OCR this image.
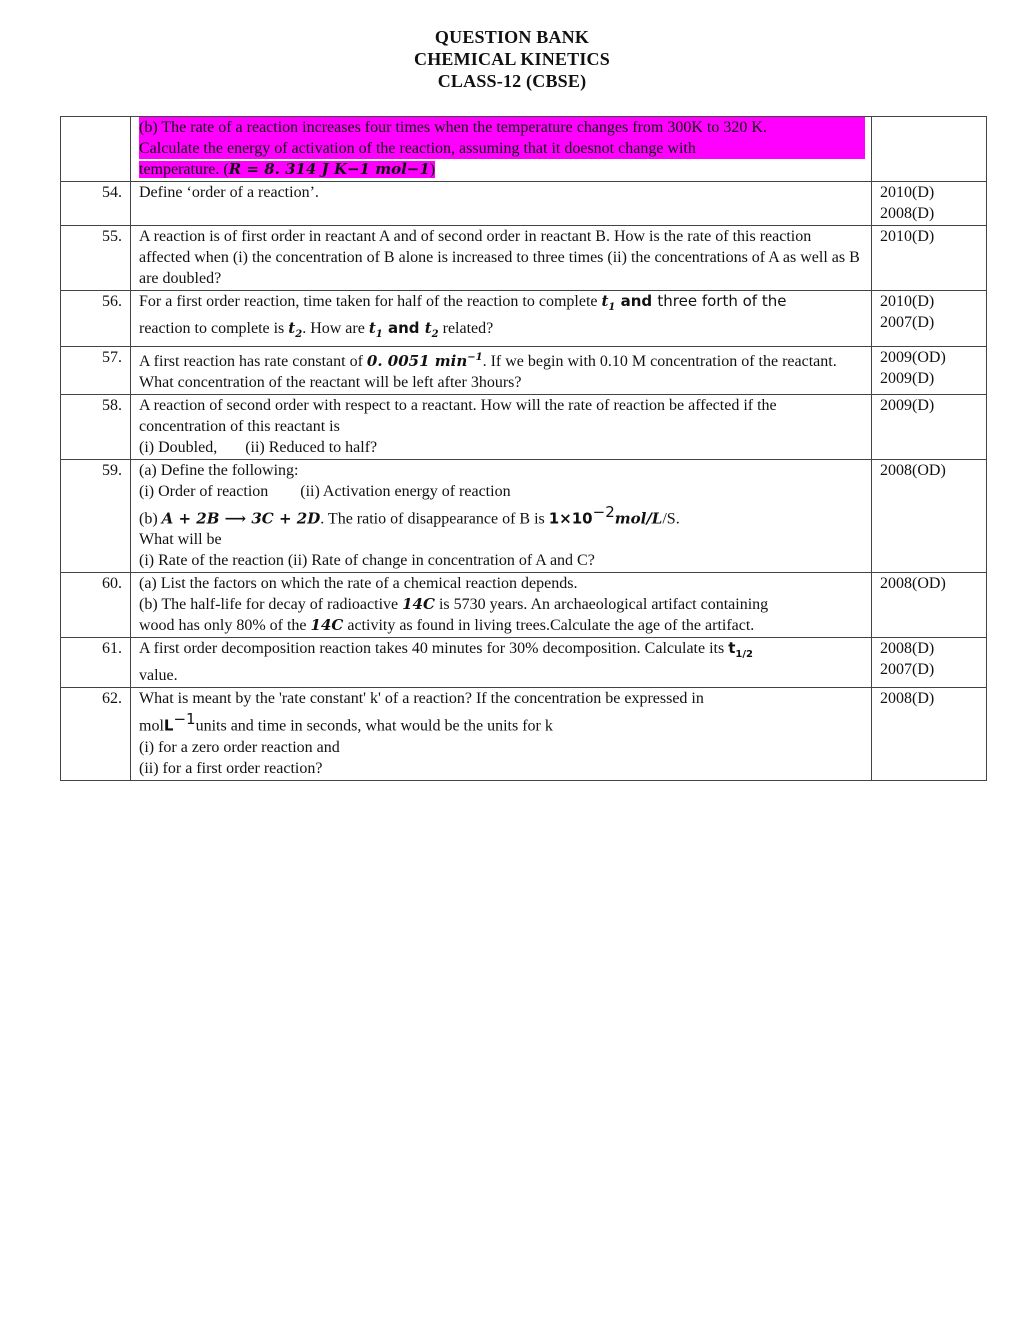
QUESTION BANK
CHEMICAL KINETICS
CLASS-12 (CBSE)

	(b) The rate of a reaction increases four times when the temperature changes from 300K to 320 K.
Calculate the energy of activation of the reaction, assuming that it doesnot change with
temperature. (R = 8. 314 J K−1 mol−1)	
54.	Define ‘order of a reaction’.	2010(D)
2008(D)

55.	A reaction is of first order in reactant A and of second order in reactant B. How is the rate of this reaction affected when (i) the concentration of B alone is increased to three times (ii) the concentrations of A as well as B are doubled?	2010(D)

56.	For a first order reaction, time taken for half of the reaction to complete $t_1$ and three forth of the
reaction to complete is $t_2$. How are $t_1$ and $t_2$ related?	2010(D)
2007(D)

57.	A first reaction has rate constant of 0. 0051 $\min^{-1}$. If we begin with 0.10 M concentration of the reactant. What concentration of the reactant will be left after 3hours?	2009(OD)
2009(D)

58.	A reaction of second order with respect to a reactant. How will the rate of reaction be affected if the concentration of this reactant is
(i) Doubled, (ii) Reduced to half?	2009(D)

59.	(a) Define the following:
(i) Order of reaction (ii) Activation energy of reaction
(b) A + 2B ⟶ 3C + 2D. The ratio of disappearance of B is $1\times 10^{-2}mol/L/S$.
What will be
(i) Rate of the reaction (ii) Rate of change in concentration of A and C?	2008(OD)

60.	(a) List the factors on which the rate of a chemical reaction depends.
(b) The half-life for decay of radioactive 14C is 5730 years. An archaeological artifact containing
wood has only 80% of the 14C activity as found in living trees.Calculate the age of the artifact.	2008(OD)

61.	A first order decomposition reaction takes 40 minutes for 30% decomposition. Calculate its $t_{1/2}$
value.	2008(D)
2007(D)

62.	What is meant by the 'rate constant' k' of a reaction? If the concentration be expressed in
molL$^{-1}$units and time in seconds, what would be the units for k
(i) for a zero order reaction and
(ii) for a first order reaction?	2008(D)
